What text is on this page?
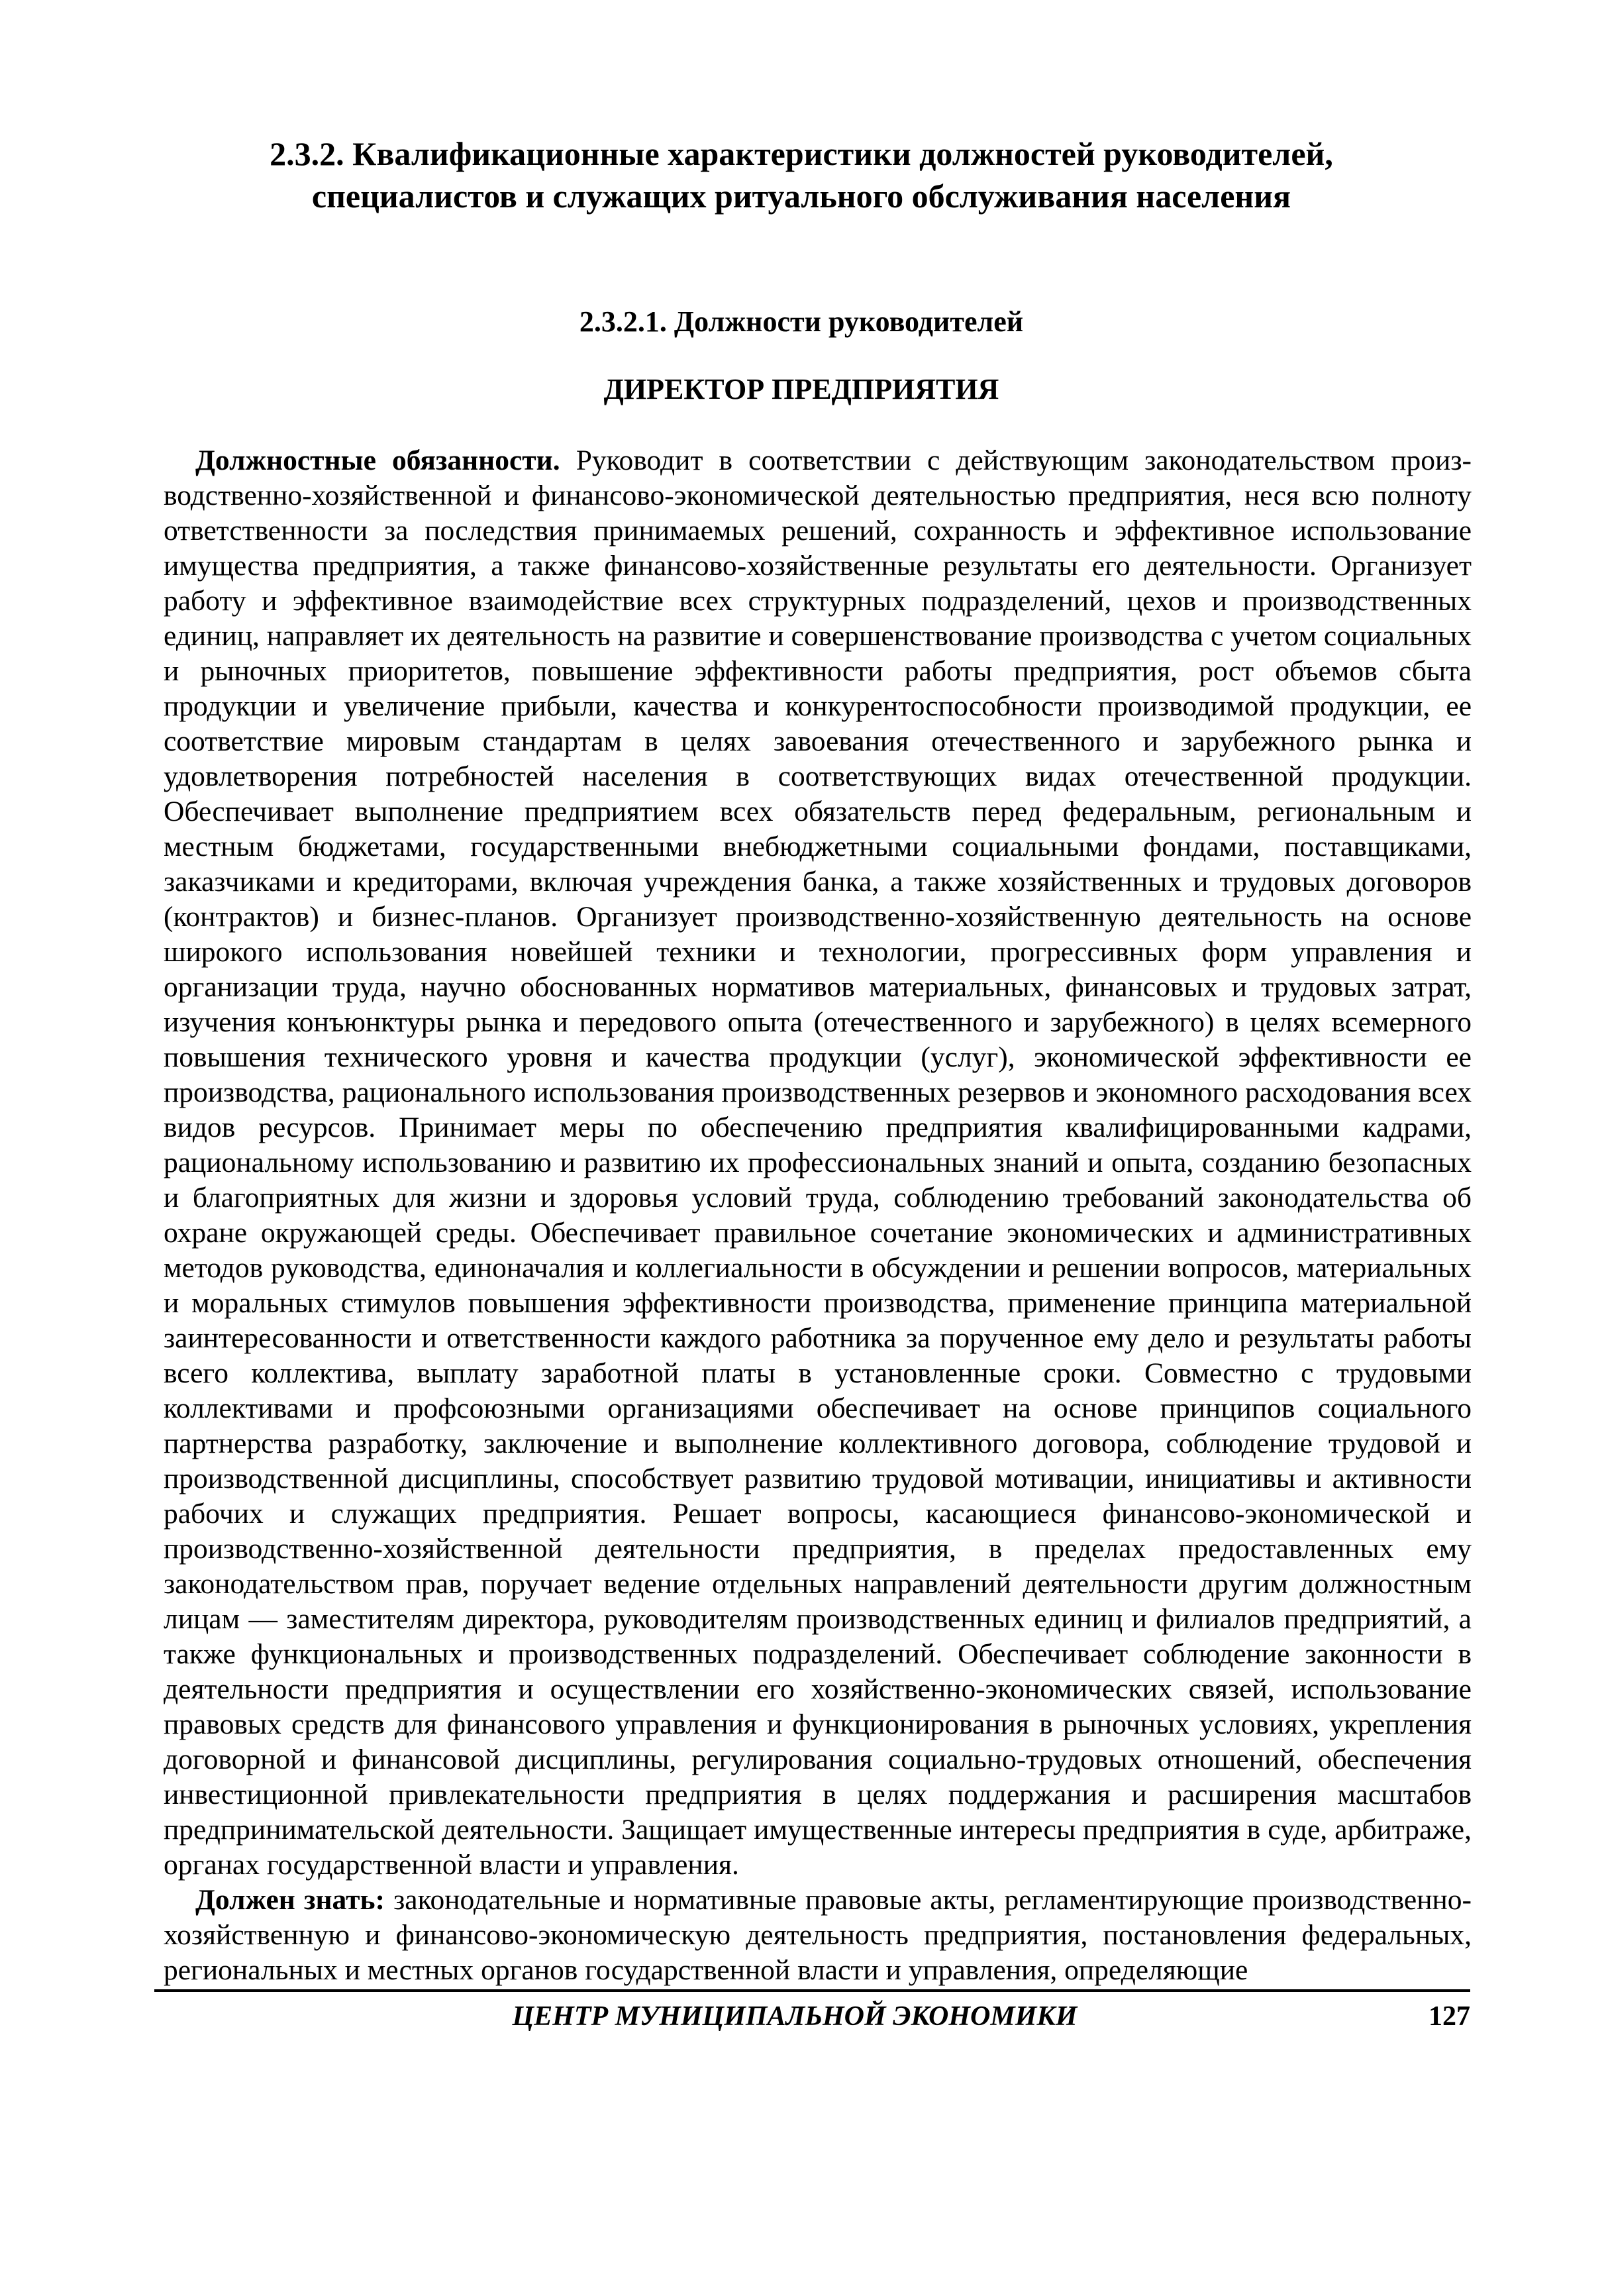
2.3.2. Квалификационные характеристики должностей руководителей,
специалистов и служащих ритуального обслуживания населения
2.3.2.1. Должности руководителей
ДИРЕКТОР ПРЕДПРИЯТИЯ

Должностные обязанности. Руководит в соответствии с действующим законодательством производственно-хозяйственной и финансово-экономической деятельностью предприятия, неся всю полноту ответственности за последствия принимаемых решений, сохранность и эффективное использование имущества предприятия, а также финансово-хозяйственные результаты его деятельности. Организует работу и эффективное взаимодействие всех структурных подразделений, цехов и производственных единиц, направляет их деятельность на развитие и совершенствование производства с учетом социальных и рыночных приоритетов, повышение эффективности работы предприятия, рост объемов сбыта продукции и увеличение прибыли, качества и конкурентоспособности производимой продукции, ее соответствие мировым стандартам в целях завоевания отечественного и зарубежного рынка и удовлетворения потребностей населения в соответствующих видах отечественной продукции. Обеспечивает выполнение предприятием всех обязательств перед федеральным, региональным и местным бюджетами, государственными внебюджетными социальными фондами, поставщиками, заказчиками и кредиторами, включая учреждения банка, а также хозяйственных и трудовых договоров (контрактов) и бизнес-планов. Организует производственно-хозяйственную деятельность на основе широкого использования новейшей техники и технологии, прогрессивных форм управления и организации труда, научно обоснованных нормативов материальных, финансовых и трудовых затрат, изучения конъюнктуры рынка и передового опыта (отечественного и зарубежного) в целях всемерного повышения технического уровня и качества продукции (услуг), экономической эффективности ее производства, рационального использования производственных резервов и экономного расходования всех видов ресурсов. Принимает меры по обеспечению предприятия квалифицированными кадрами, рациональному использованию и развитию их профессиональных знаний и опыта, созданию безопасных и благоприятных для жизни и здоровья условий труда, соблюдению требований законодательства об охране окружающей среды. Обеспечивает правильное сочетание экономических и административных методов руководства, единоначалия и коллегиальности в обсуждении и решении вопросов, материальных и моральных стимулов повышения эффективности производства, применение принципа материальной заинтересованности и ответственности каждого работника за порученное ему дело и результаты работы всего коллектива, выплату заработной платы в установленные сроки. Совместно с трудовыми коллективами и профсоюзными организациями обеспечивает на основе принципов социального партнерства разработку, заключение и выполнение коллективного договора, соблюдение трудовой и производственной дисциплины, способствует развитию трудовой мотивации, инициативы и активности рабочих и служащих предприятия. Решает вопросы, касающиеся финансово-экономической и производственно-хозяйственной деятельности предприятия, в пределах предоставленных ему законодательством прав, поручает ведение отдельных направлений деятельности другим должностным лицам — заместителям директора, руководителям производственных единиц и филиалов предприятий, а также функциональных и производственных подразделений. Обеспечивает соблюдение законности в деятельности предприятия и осуществлении его хозяйственно-экономических связей, использование правовых средств для финансового управления и функционирования в рыночных условиях, укрепления договорной и финансовой дисциплины, регулирования социально-трудовых отношений, обеспечения инвестиционной привлекательности предприятия в целях поддержания и расширения масштабов предпринимательской деятельности. Защищает имущественные интересы предприятия в суде, арбитраже, органах государственной власти и управления.

Должен знать: законодательные и нормативные правовые акты, регламентирующие производственно-хозяйственную и финансово-экономическую деятельность предприятия, постановления федеральных, региональных и местных органов государственной власти и управления, определяющие

ЦЕНТР МУНИЦИПАЛЬНОЙ ЭКОНОМИКИ	127
